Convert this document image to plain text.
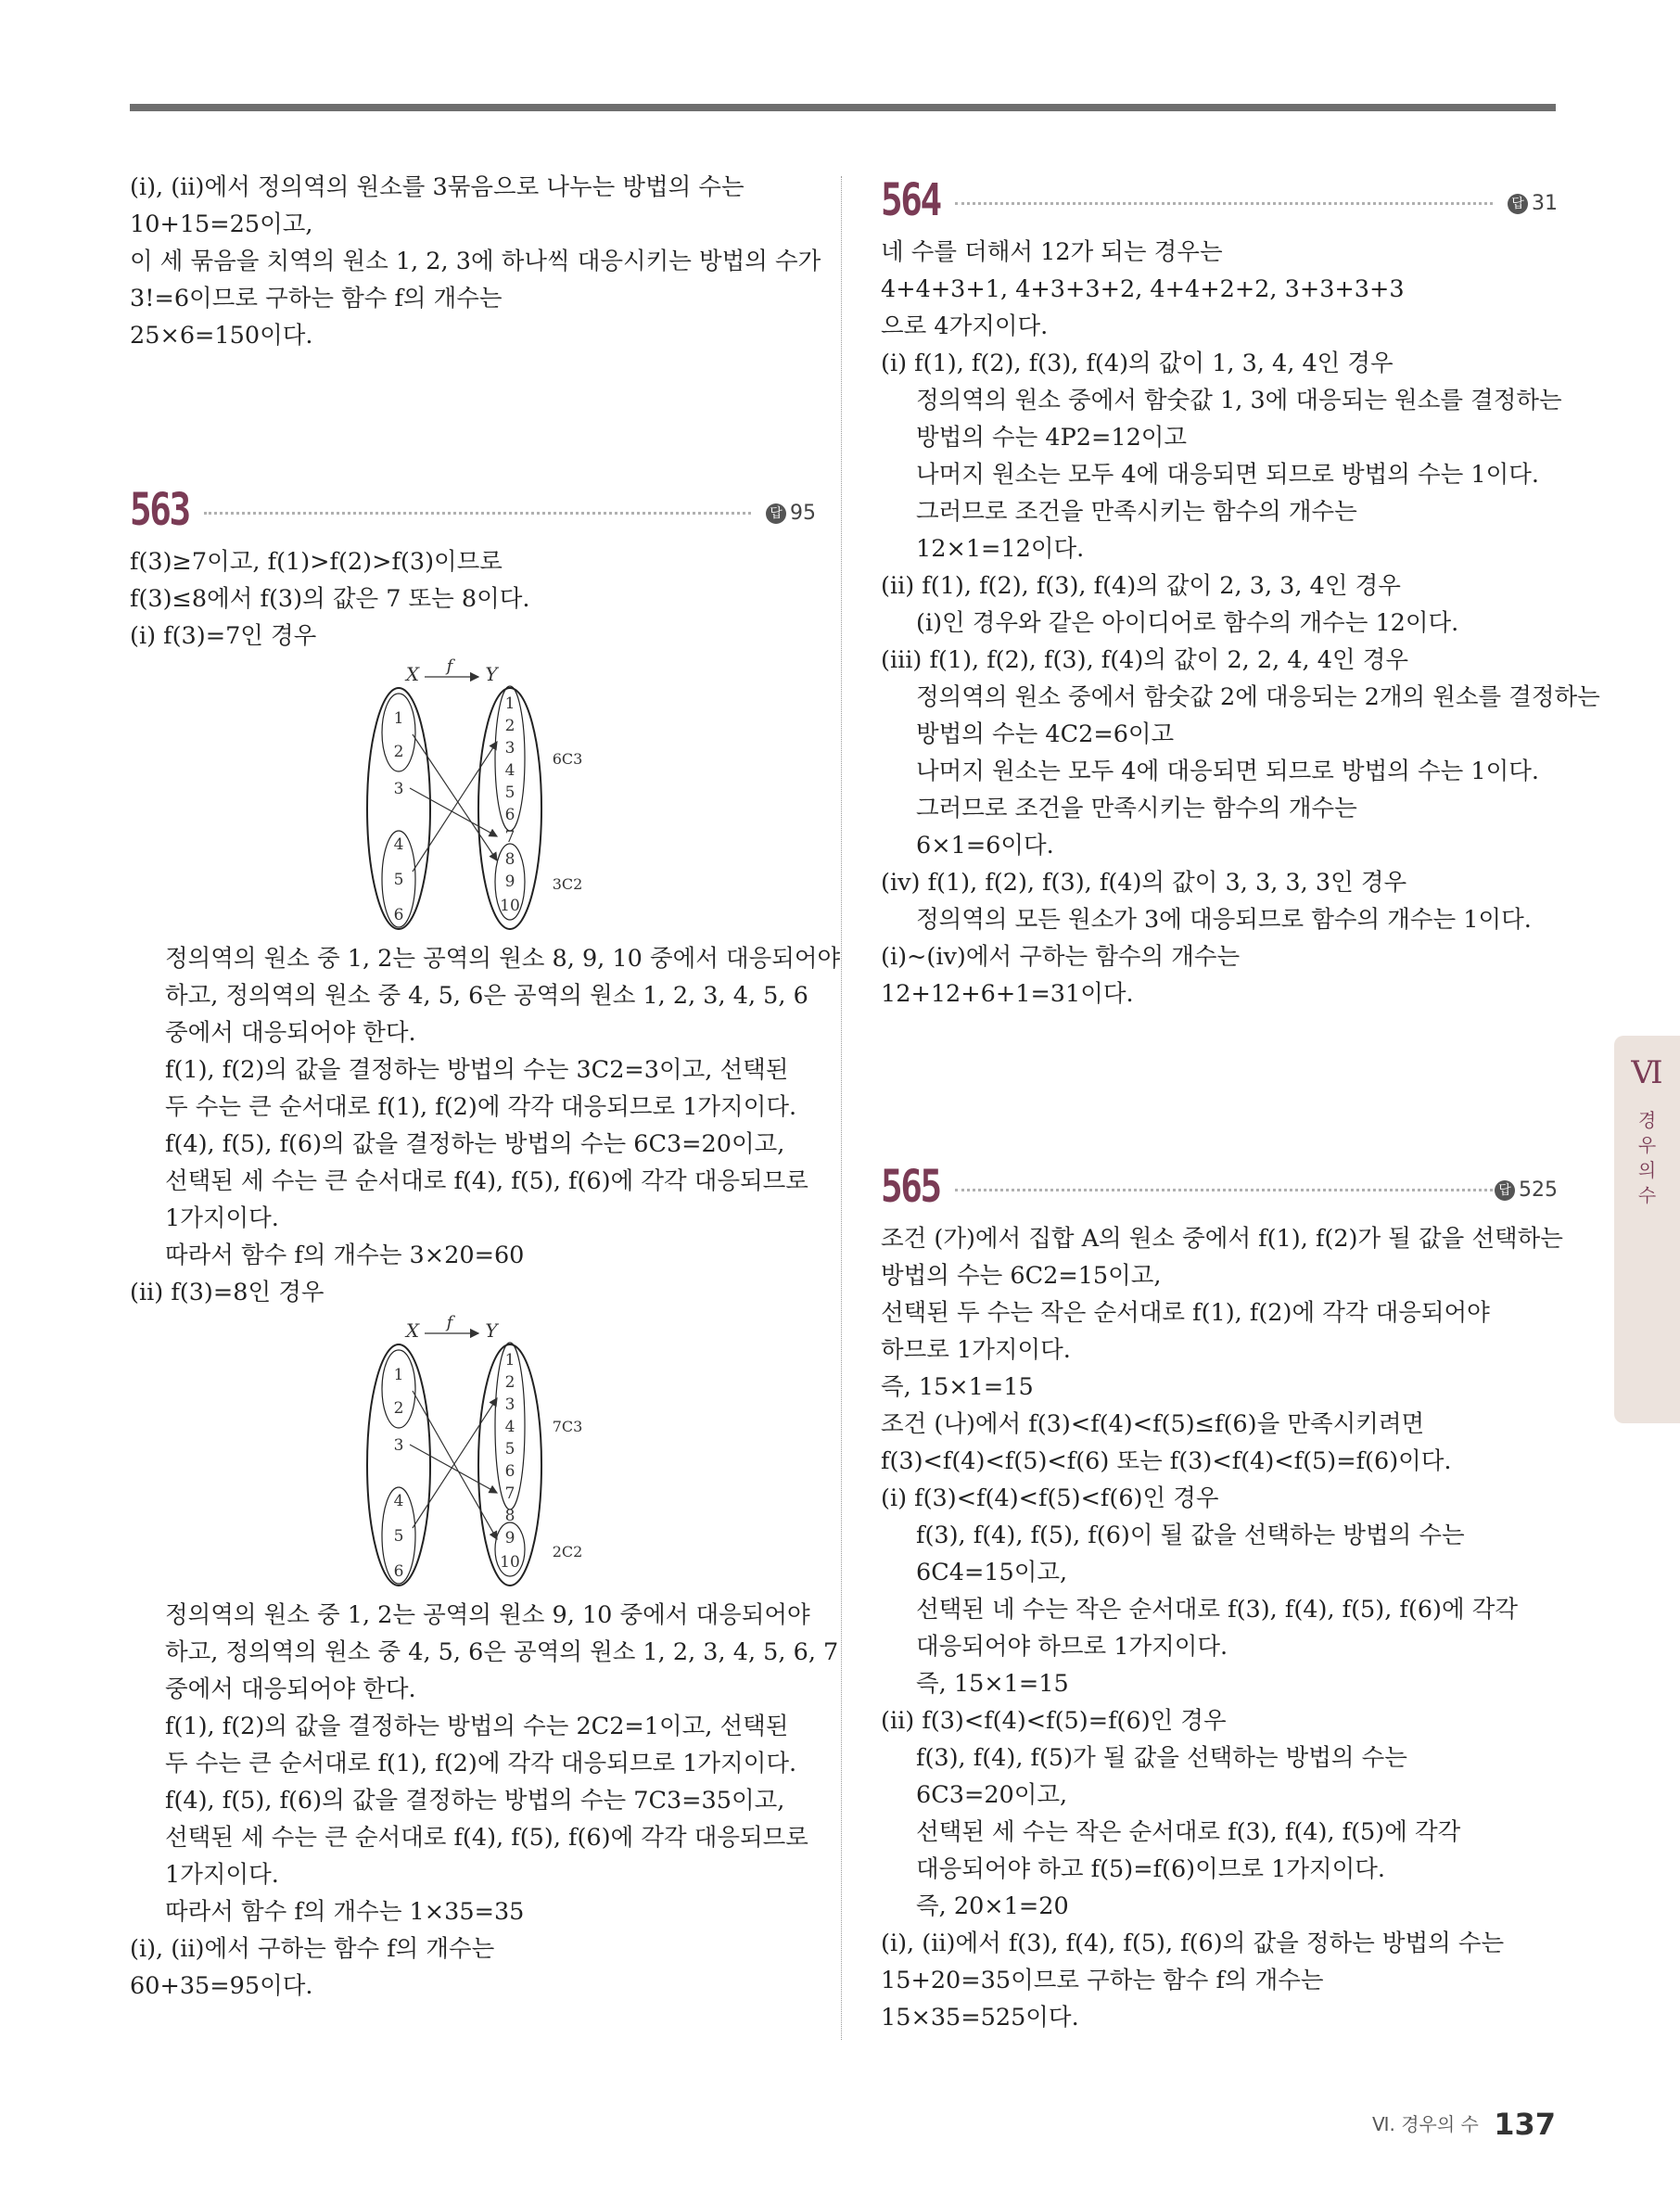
(ⅰ), (ⅱ)에서 정의역의 원소를 3묶음으로 나누는 방법의 수는

10+15=25이고,

이 세 묶음을 치역의 원소 1, 2, 3에 하나씩 대응시키는 방법의 수가

3!=6이므로 구하는 함수 f의 개수는

25×6=150이다.

563	답 95

f(3)≥7이고, f(1)>f(2)>f(3)이므로

f(3)≤8에서 f(3)의 값은 7 또는 8이다.

(ⅰ) f(3)=7인 경우

X f Y
1
2
3
4
5
6
1
2
3
4
5
6
7
8
9
10
6C3
3C2

정의역의 원소 중 1, 2는 공역의 원소 8, 9, 10 중에서 대응되어야

하고, 정의역의 원소 중 4, 5, 6은 공역의 원소 1, 2, 3, 4, 5, 6

중에서 대응되어야 한다.

f(1), f(2)의 값을 결정하는 방법의 수는 3C2=3이고, 선택된

두 수는 큰 순서대로 f(1), f(2)에 각각 대응되므로 1가지이다.

f(4), f(5), f(6)의 값을 결정하는 방법의 수는 6C3=20이고,

선택된 세 수는 큰 순서대로 f(4), f(5), f(6)에 각각 대응되므로

1가지이다.

따라서 함수 f의 개수는 3×20=60

(ⅱ) f(3)=8인 경우

X f Y
1
2
3
4
5
6
1
2
3
4
5
6
7
8
9
10
7C3
2C2

정의역의 원소 중 1, 2는 공역의 원소 9, 10 중에서 대응되어야

하고, 정의역의 원소 중 4, 5, 6은 공역의 원소 1, 2, 3, 4, 5, 6, 7

중에서 대응되어야 한다.

f(1), f(2)의 값을 결정하는 방법의 수는 2C2=1이고, 선택된

두 수는 큰 순서대로 f(1), f(2)에 각각 대응되므로 1가지이다.

f(4), f(5), f(6)의 값을 결정하는 방법의 수는 7C3=35이고,

선택된 세 수는 큰 순서대로 f(4), f(5), f(6)에 각각 대응되므로

1가지이다.

따라서 함수 f의 개수는 1×35=35

(ⅰ), (ⅱ)에서 구하는 함수 f의 개수는

60+35=95이다.

564	답 31

네 수를 더해서 12가 되는 경우는

4+4+3+1, 4+3+3+2, 4+4+2+2, 3+3+3+3

으로 4가지이다.

(ⅰ) f(1), f(2), f(3), f(4)의 값이 1, 3, 4, 4인 경우

정의역의 원소 중에서 함숫값 1, 3에 대응되는 원소를 결정하는

방법의 수는 4P2=12이고

나머지 원소는 모두 4에 대응되면 되므로 방법의 수는 1이다.

그러므로 조건을 만족시키는 함수의 개수는

12×1=12이다.

(ⅱ) f(1), f(2), f(3), f(4)의 값이 2, 3, 3, 4인 경우

(ⅰ)인 경우와 같은 아이디어로 함수의 개수는 12이다.

(ⅲ) f(1), f(2), f(3), f(4)의 값이 2, 2, 4, 4인 경우

정의역의 원소 중에서 함숫값 2에 대응되는 2개의 원소를 결정하는

방법의 수는 4C2=6이고

나머지 원소는 모두 4에 대응되면 되므로 방법의 수는 1이다.

그러므로 조건을 만족시키는 함수의 개수는

6×1=6이다.

(ⅳ) f(1), f(2), f(3), f(4)의 값이 3, 3, 3, 3인 경우

정의역의 모든 원소가 3에 대응되므로 함수의 개수는 1이다.

(ⅰ)~(ⅳ)에서 구하는 함수의 개수는

12+12+6+1=31이다.

565	답 525

조건 (가)에서 집합 A의 원소 중에서 f(1), f(2)가 될 값을 선택하는

방법의 수는 6C2=15이고,

선택된 두 수는 작은 순서대로 f(1), f(2)에 각각 대응되어야

하므로 1가지이다.

즉, 15×1=15

조건 (나)에서 f(3)<f(4)<f(5)≤f(6)을 만족시키려면

f(3)<f(4)<f(5)<f(6) 또는 f(3)<f(4)<f(5)=f(6)이다.

(ⅰ) f(3)<f(4)<f(5)<f(6)인 경우

f(3), f(4), f(5), f(6)이 될 값을 선택하는 방법의 수는

6C4=15이고,

선택된 네 수는 작은 순서대로 f(3), f(4), f(5), f(6)에 각각

대응되어야 하므로 1가지이다.

즉, 15×1=15

(ⅱ) f(3)<f(4)<f(5)=f(6)인 경우

f(3), f(4), f(5)가 될 값을 선택하는 방법의 수는

6C3=20이고,

선택된 세 수는 작은 순서대로 f(3), f(4), f(5)에 각각

대응되어야 하고 f(5)=f(6)이므로 1가지이다.

즉, 20×1=20

(ⅰ), (ⅱ)에서 f(3), f(4), f(5), f(6)의 값을 정하는 방법의 수는

15+20=35이므로 구하는 함수 f의 개수는

15×35=525이다.

Ⅵ
경
우
의
수
Ⅵ. 경우의 수 137
